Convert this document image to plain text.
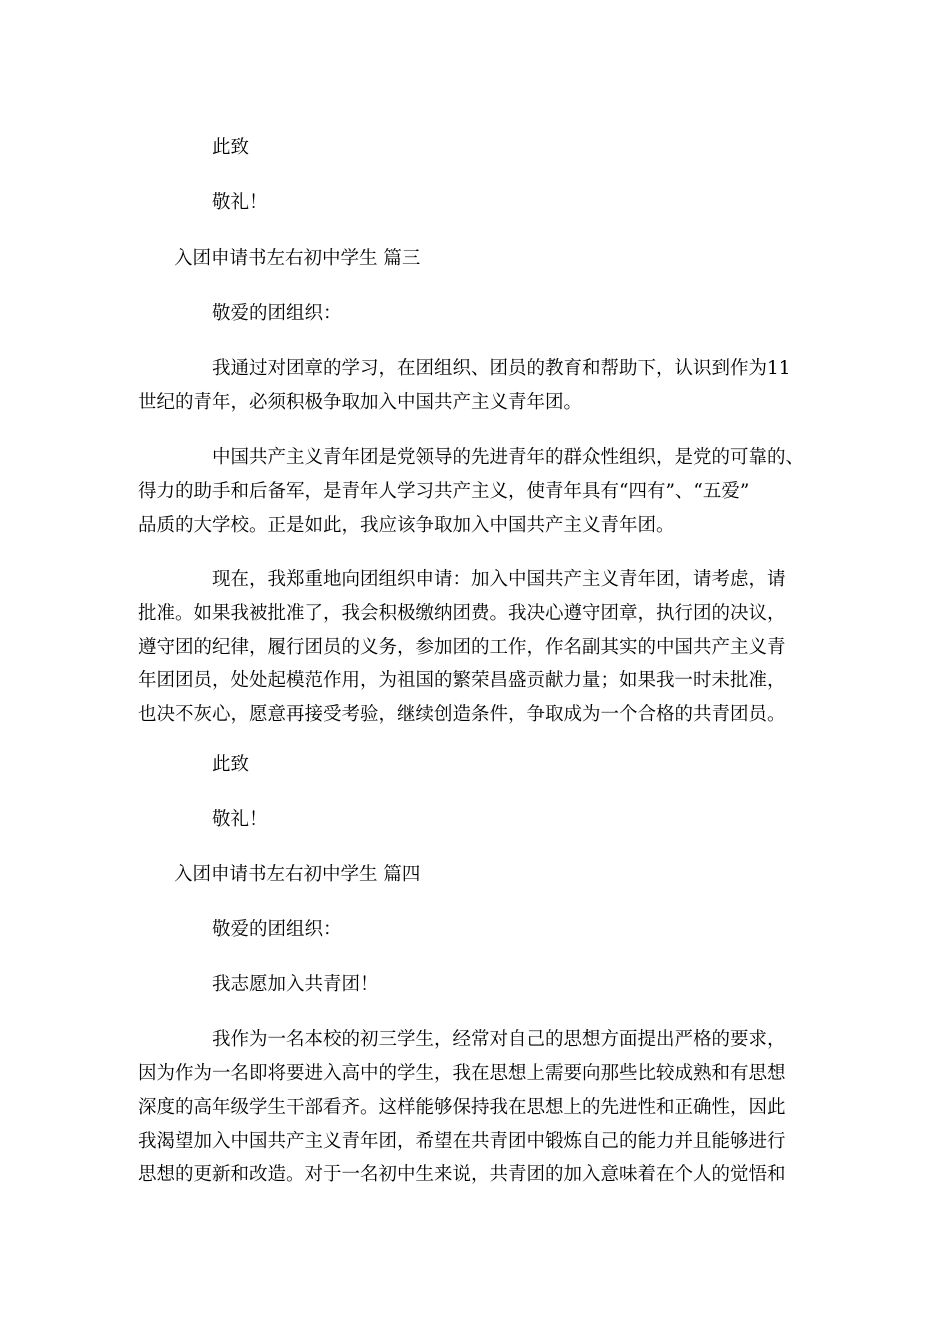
此致

敬礼！

入团申请书左右初中学生 篇三

敬爱的团组织：

我通过对团章的学习，在团组织、团员的教育和帮助下，认识到作为11

世纪的青年，必须积极争取加入中国共产主义青年团。

中国共产主义青年团是党领导的先进青年的群众性组织，是党的可靠的、

得力的助手和后备军，是青年人学习共产主义，使青年具有“四有”、“五爱”

品质的大学校。正是如此，我应该争取加入中国共产主义青年团。

现在，我郑重地向团组织申请：加入中国共产主义青年团，请考虑，请

批准。如果我被批准了，我会积极缴纳团费。我决心遵守团章，执行团的决议，

遵守团的纪律，履行团员的义务，参加团的工作，作名副其实的中国共产主义青

年团团员，处处起模范作用，为祖国的繁荣昌盛贡献力量；如果我一时未批准，

也决不灰心，愿意再接受考验，继续创造条件，争取成为一个合格的共青团员。

此致

敬礼！

入团申请书左右初中学生 篇四

敬爱的团组织：

我志愿加入共青团！

我作为一名本校的初三学生，经常对自己的思想方面提出严格的要求，

因为作为一名即将要进入高中的学生，我在思想上需要向那些比较成熟和有思想

深度的高年级学生干部看齐。这样能够保持我在思想上的先进性和正确性，因此

我渴望加入中国共产主义青年团，希望在共青团中锻炼自己的能力并且能够进行

思想的更新和改造。对于一名初中生来说，共青团的加入意味着在个人的觉悟和
